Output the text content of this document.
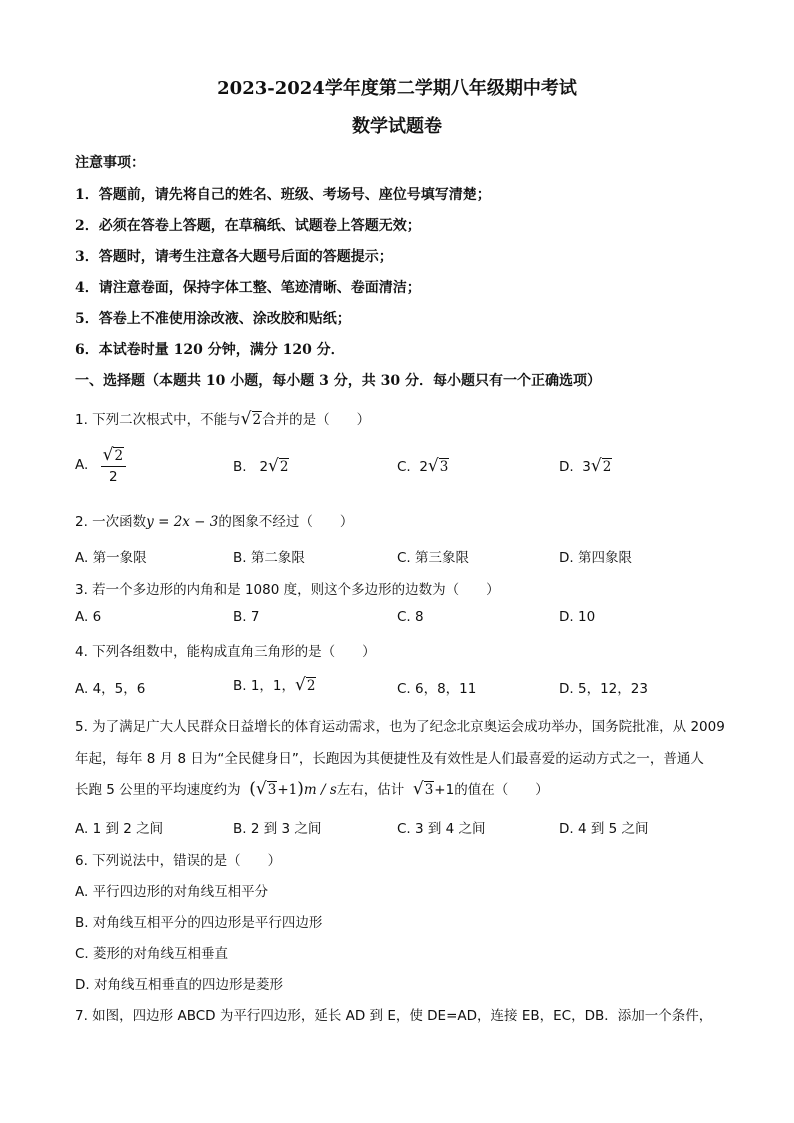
2023-2024学年度第二学期八年级期中考试
数学试题卷
注意事项：
1．答题前，请先将自己的姓名、班级、考场号、座位号填写清楚；
2．必须在答卷上答题，在草稿纸、试题卷上答题无效；
3．答题时，请考生注意各大题号后面的答题提示；
4．请注意卷面，保持字体工整、笔迹清晰、卷面清洁；
5．答卷上不准使用涂改液、涂改胶和贴纸；
6．本试卷时量 120 分钟，满分 120 分．
一、选择题（本题共 10 小题，每小题 3 分，共 30 分．每小题只有一个正确选项）
1. 下列二次根式中，不能与√2合并的是（　　）
A. $\frac{√2}{2}$	B. 2√2	C. 2√3	D. 3√2
2. 一次函数y = 2x − 3的图象不经过（　　）
A. 第一象限	B. 第二象限	C. 第三象限	D. 第四象限
3. 若一个多边形的内角和是 1080 度，则这个多边形的边数为（　　）
A. 6	B. 7	C. 8	D. 10
4. 下列各组数中，能构成直角三角形的是（　　）
A. 4，5，6	B. 1，1，√2	C. 6，8，11	D. 5，12，23
5. 为了满足广大人民群众日益增长的体育运动需求，也为了纪念北京奥运会成功举办，国务院批准，从 2009
年起，每年 8 月 8 日为“全民健身日”，长跑因为其便捷性及有效性是人们最喜爱的运动方式之一，普通人
长跑 5 公里的平均速度约为 (√3+1)m / s左右，估计 √3+1的值在（　　）
A. 1 到 2 之间	B. 2 到 3 之间	C. 3 到 4 之间	D. 4 到 5 之间
6. 下列说法中，错误的是（　　）
A. 平行四边形的对角线互相平分
B. 对角线互相平分的四边形是平行四边形
C. 菱形的对角线互相垂直
D. 对角线互相垂直的四边形是菱形
7. 如图，四边形 ABCD 为平行四边形，延长 AD 到 E，使 DE=AD，连接 EB，EC，DB．添加一个条件，
